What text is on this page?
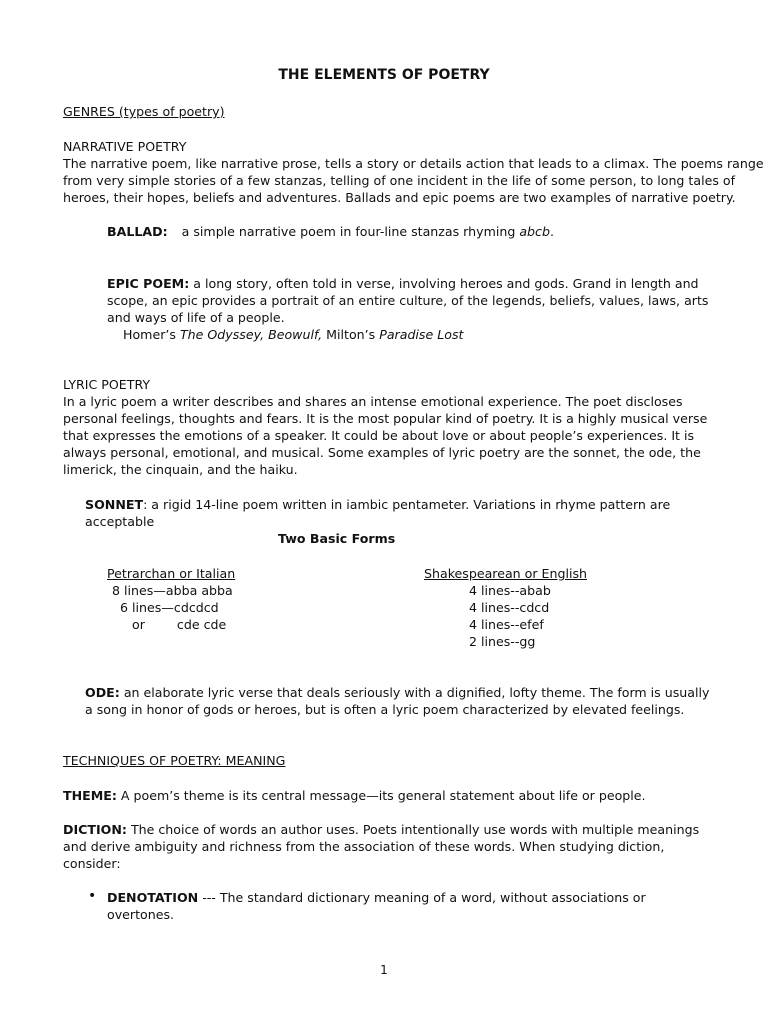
THE ELEMENTS OF POETRY
GENRES (types of poetry)
NARRATIVE POETRY
The narrative poem, like narrative prose, tells a story or details action that leads to a climax. The poems range
from very simple stories of a few stanzas, telling of one incident in the life of some person, to long tales of
heroes, their hopes, beliefs and adventures. Ballads and epic poems are two examples of narrative poetry.
BALLAD: a simple narrative poem in four-line stanzas rhyming abcb.
EPIC POEM: a long story, often told in verse, involving heroes and gods. Grand in length and
scope, an epic provides a portrait of an entire culture, of the legends, beliefs, values, laws, arts
and ways of life of a people.
Homer’s The Odyssey, Beowulf, Milton’s Paradise Lost
LYRIC POETRY
In a lyric poem a writer describes and shares an intense emotional experience. The poet discloses
personal feelings, thoughts and fears. It is the most popular kind of poetry. It is a highly musical verse
that expresses the emotions of a speaker. It could be about love or about people’s experiences. It is
always personal, emotional, and musical. Some examples of lyric poetry are the sonnet, the ode, the
limerick, the cinquain, and the haiku.
SONNET: a rigid 14-line poem written in iambic pentameter. Variations in rhyme pattern are
acceptable
Two Basic Forms
Petrarchan or Italian
8 lines—abba abba
6 lines—cdcdcd
or        cde cde
Shakespearean or English
4 lines--abab
4 lines--cdcd
4 lines--efef
2 lines--gg
ODE: an elaborate lyric verse that deals seriously with a dignified, lofty theme. The form is usually
a song in honor of gods or heroes, but is often a lyric poem characterized by elevated feelings.
TECHNIQUES OF POETRY: MEANING
THEME: A poem’s theme is its central message—its general statement about life or people.
DICTION: The choice of words an author uses. Poets intentionally use words with multiple meanings
and derive ambiguity and richness from the association of these words. When studying diction,
consider:
• DENOTATION --- The standard dictionary meaning of a word, without associations or
overtones.
1
